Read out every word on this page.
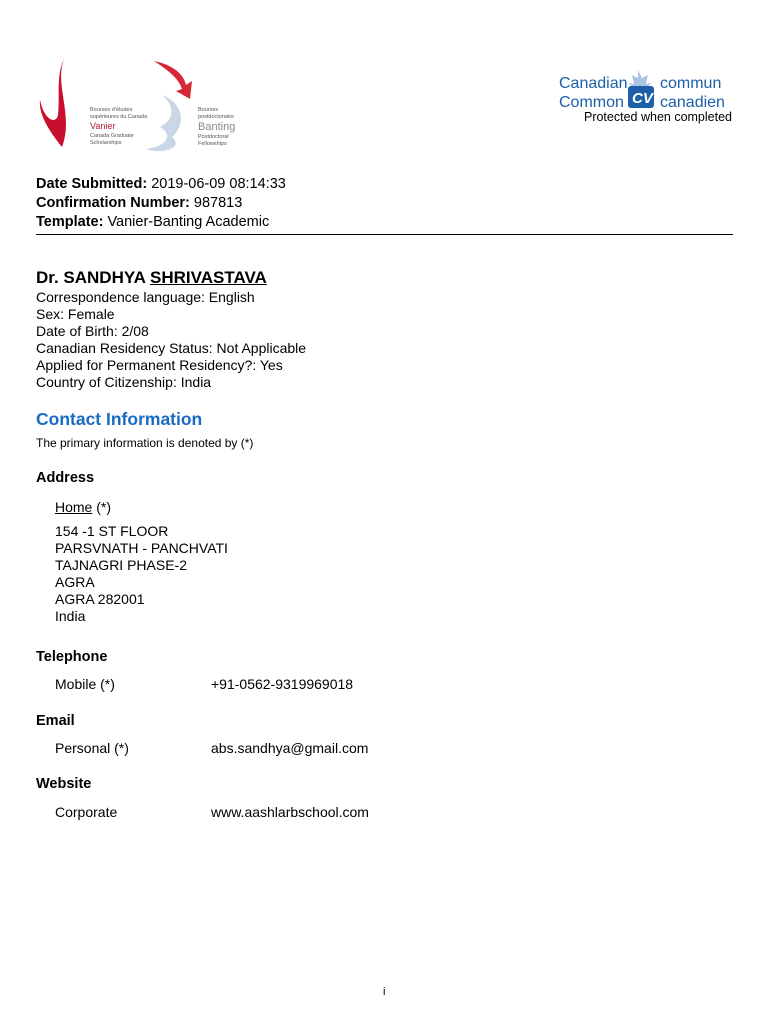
Bourses d'études
supérieures du Canada
Vanier
Canada Graduate
Scholarships
Bourses
postdoctorales
Banting
Postdoctoral
Fellowships
Canadian
Common CV
commun
canadien
Protected when completed
Date Submitted: 2019-06-09 08:14:33
Confirmation Number: 987813
Template: Vanier-Banting Academic
Dr. SANDHYA SHRIVASTAVA
Correspondence language: English
Sex: Female
Date of Birth: 2/08
Canadian Residency Status: Not Applicable
Applied for Permanent Residency?: Yes
Country of Citizenship: India
Contact Information
The primary information is denoted by (*)
Address
Home (*)
154 -1 ST FLOOR
PARSVNATH - PANCHVATI
TAJNAGRI PHASE-2
AGRA
AGRA 282001
India
Telephone
Mobile (*)	+91-0562-9319969018
Email
Personal (*)	abs.sandhya@gmail.com
Website
Corporate	www.aashlarbschool.com
i
